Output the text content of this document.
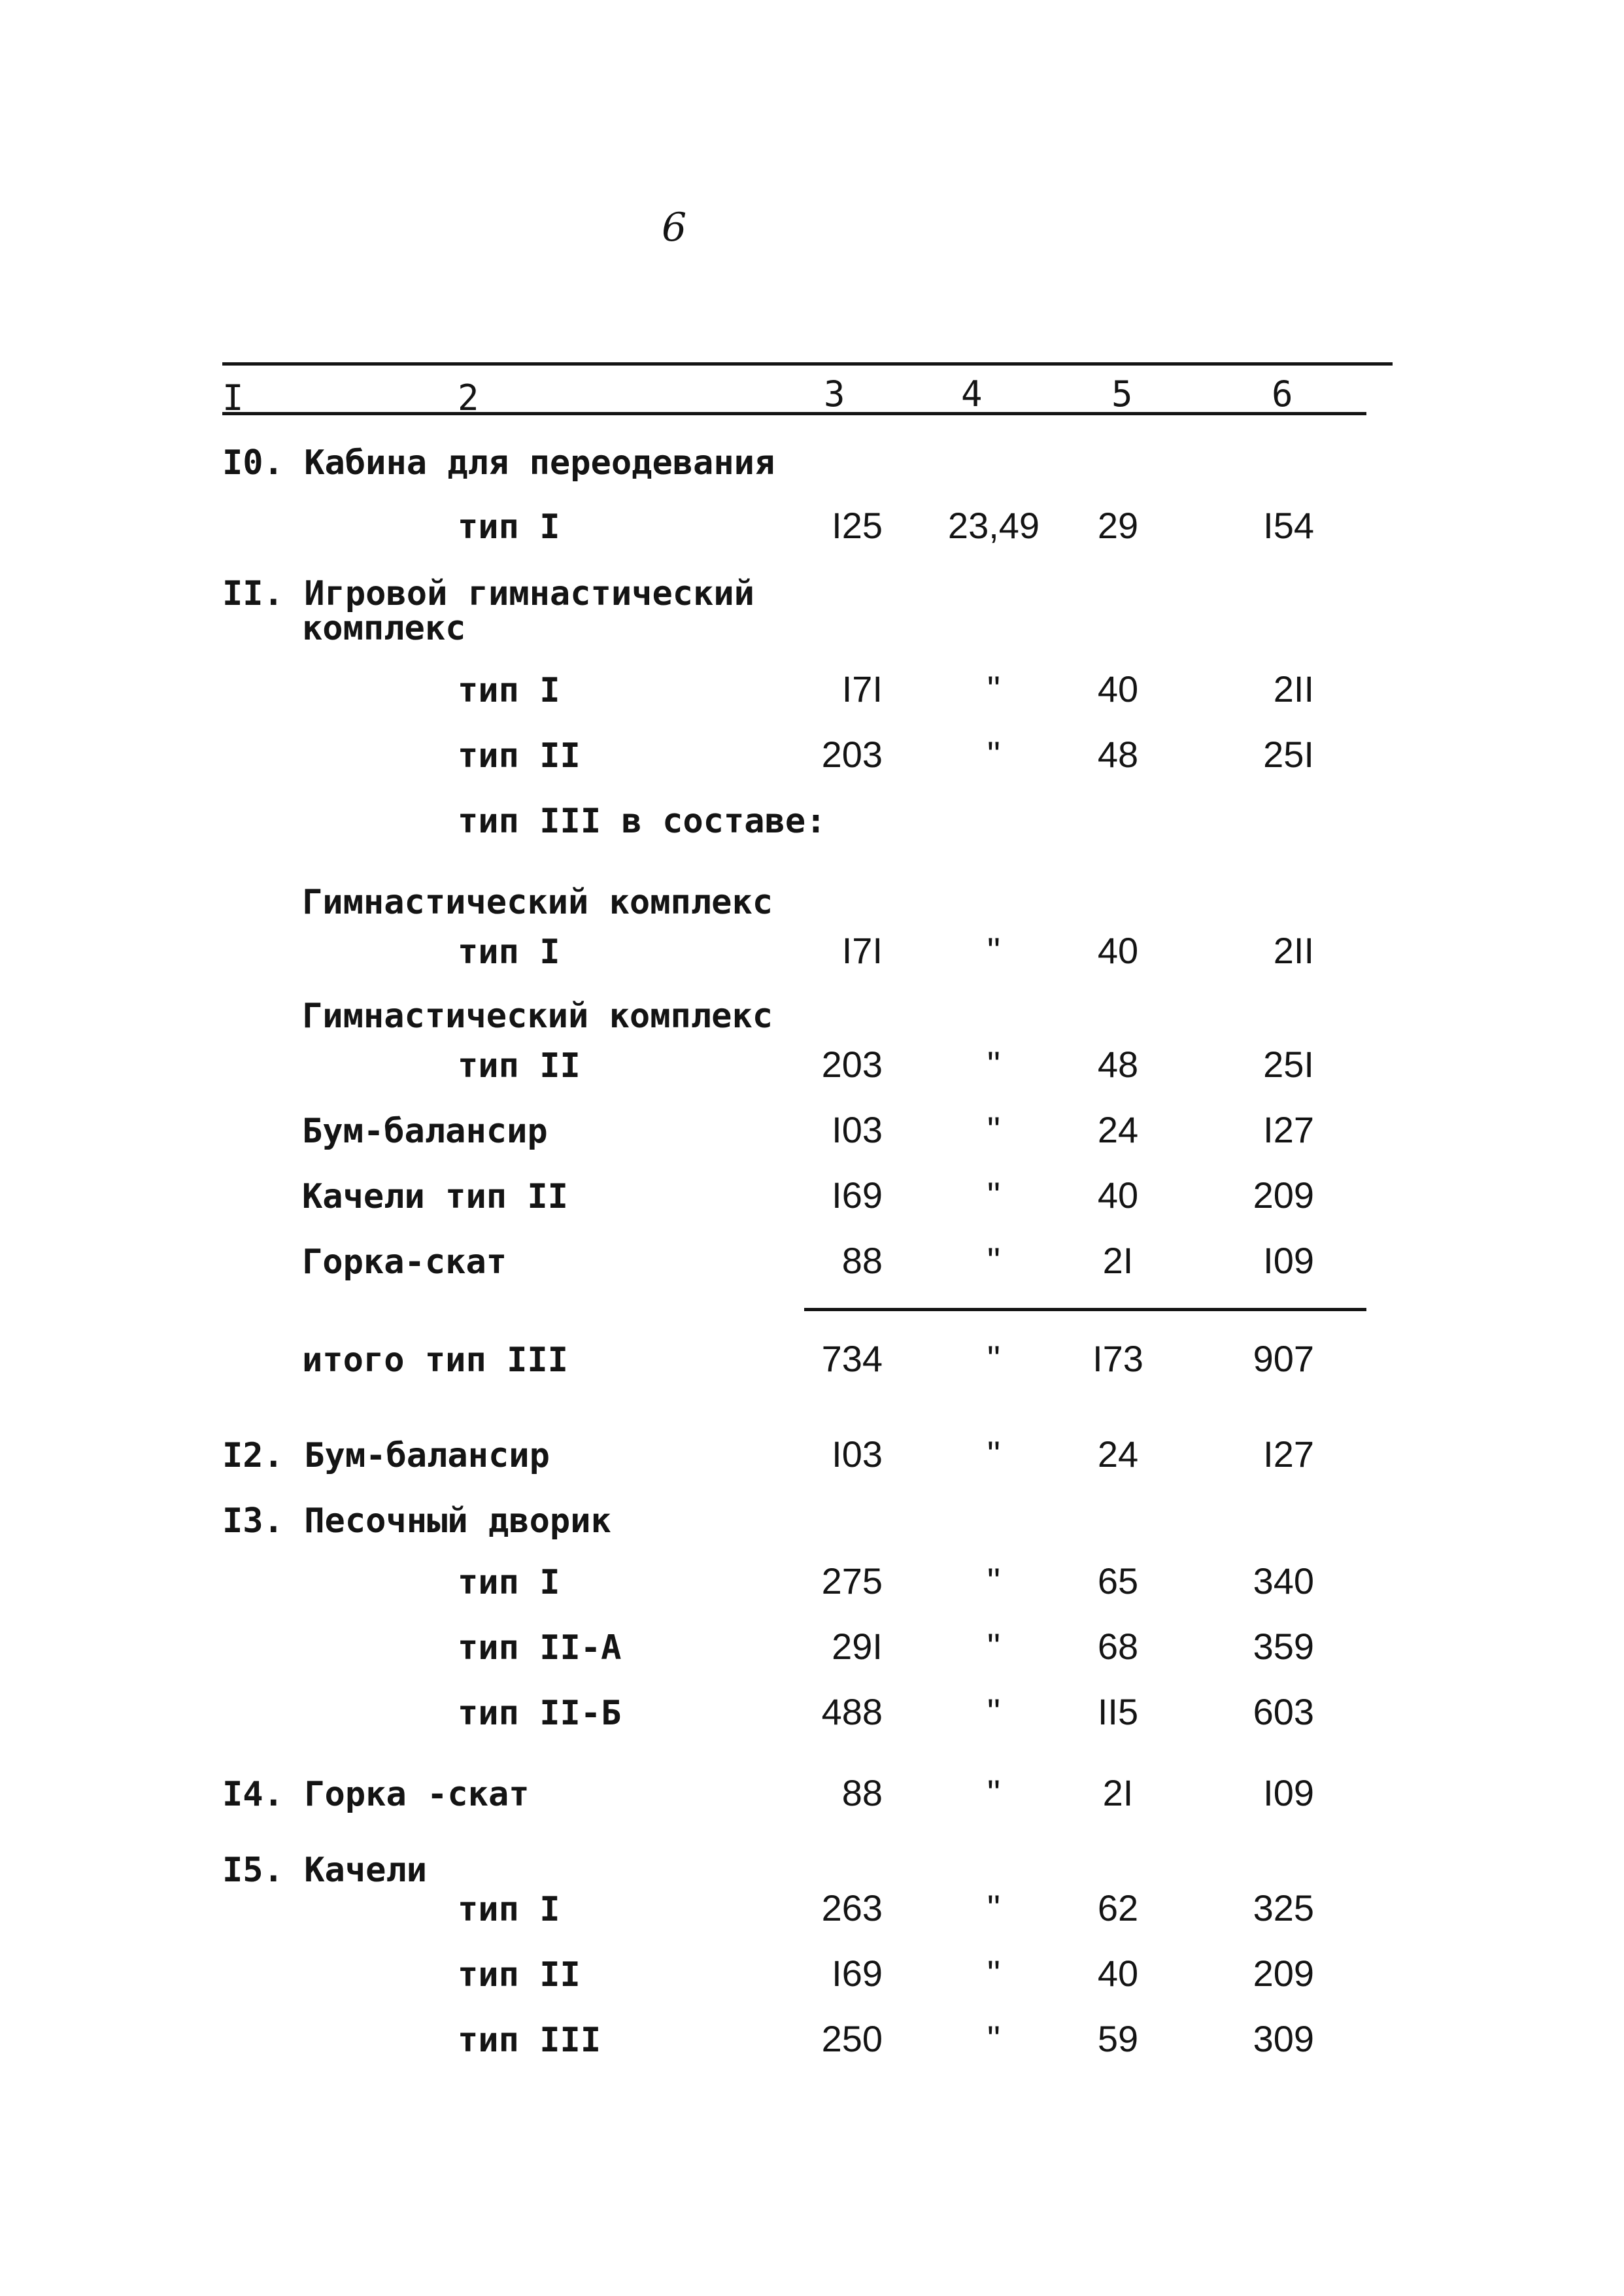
6
I	2	3	4	5	6
I0. Кабина для переодевания
тип I	I25	23,49	29	I54
II. Игровой гимнастический
комплекс
тип I	I7I	"	40	2II
тип II	203	"	48	25I
тип III в составе:
Гимнастический комплекс
тип I	I7I	"	40	2II
Гимнастический комплекс
тип II	203	"	48	25I
Бум-балансир	I03	"	24	I27
Качели тип II	I69	"	40	209
Горка-скат	88	"	2I	I09
итого тип III	734	"	I73	907
I2. Бум-балансир	I03	"	24	I27
I3. Песочный дворик
тип I	275	"	65	340
тип II-А	29I	"	68	359
тип II-Б	488	"	II5	603
I4. Горка -скат	88	"	2I	I09
I5. Качели
тип I	263	"	62	325
тип II	I69	"	40	209
тип III	250	"	59	309
